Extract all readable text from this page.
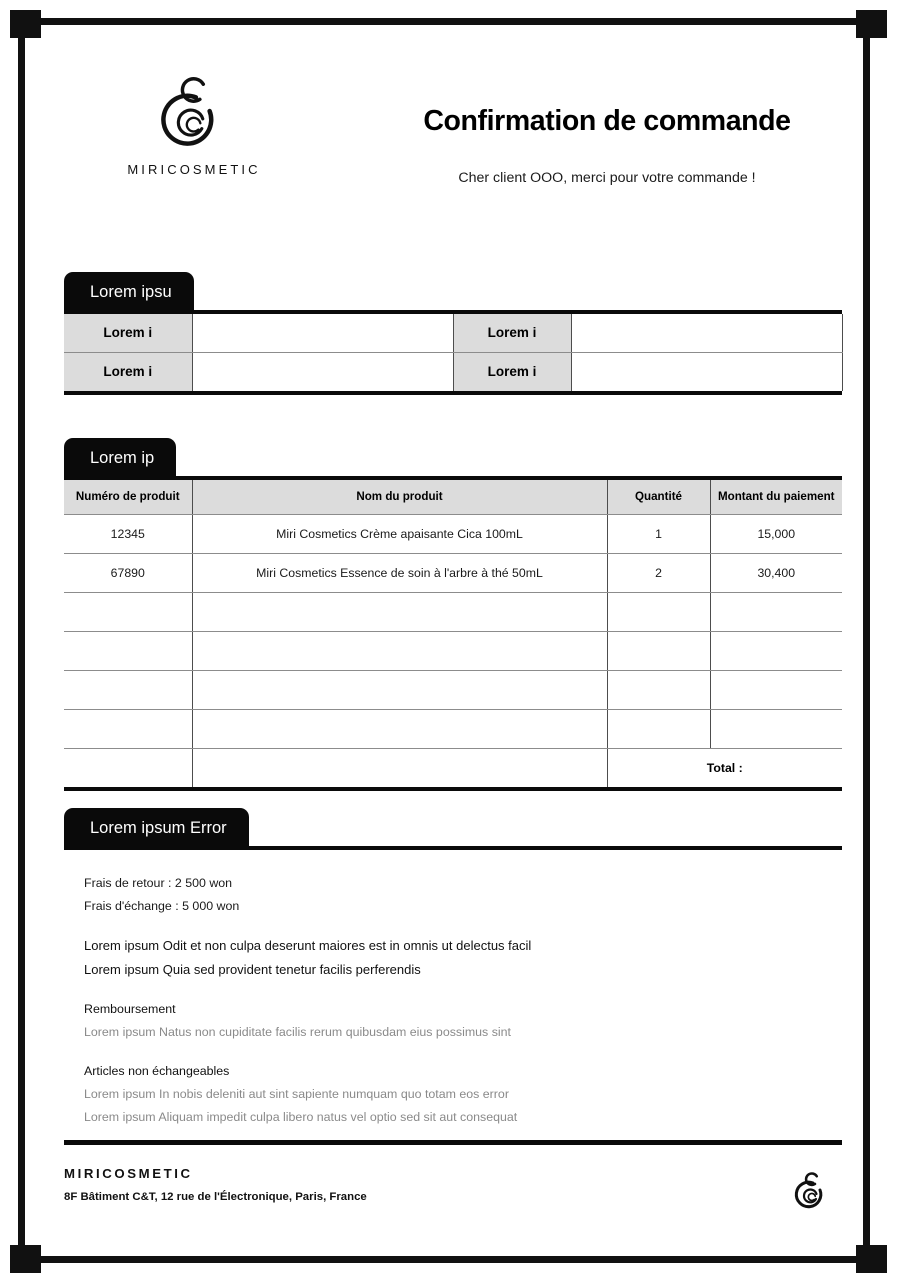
MIRICOSMETIC
Confirmation de commande
Cher client OOO, merci pour votre commande !
Lorem ipsu
Lorem i		Lorem i	
Lorem i		Lorem i	
Lorem ip
Numéro de produit	Nom du produit	Quantité	Montant du paiement
12345	Miri Cosmetics Crème apaisante Cica 100mL	1	15,000
67890	Miri Cosmetics Essence de soin à l'arbre à thé 50mL	2	30,400

		Total :	
Lorem ipsum Error
Frais de retour : 2 500 won
Frais d'échange : 5 000 won
Lorem ipsum Odit et non culpa deserunt maiores est in omnis ut delectus facil
Lorem ipsum Quia sed provident tenetur facilis perferendis
Remboursement
Lorem ipsum Natus non cupiditate facilis rerum quibusdam eius possimus sint
Articles non échangeables
Lorem ipsum In nobis deleniti aut sint sapiente numquam quo totam eos error
Lorem ipsum Aliquam impedit culpa libero natus vel optio sed sit aut consequat
MIRICOSMETIC
8F Bâtiment C&T, 12 rue de l'Électronique, Paris, France
